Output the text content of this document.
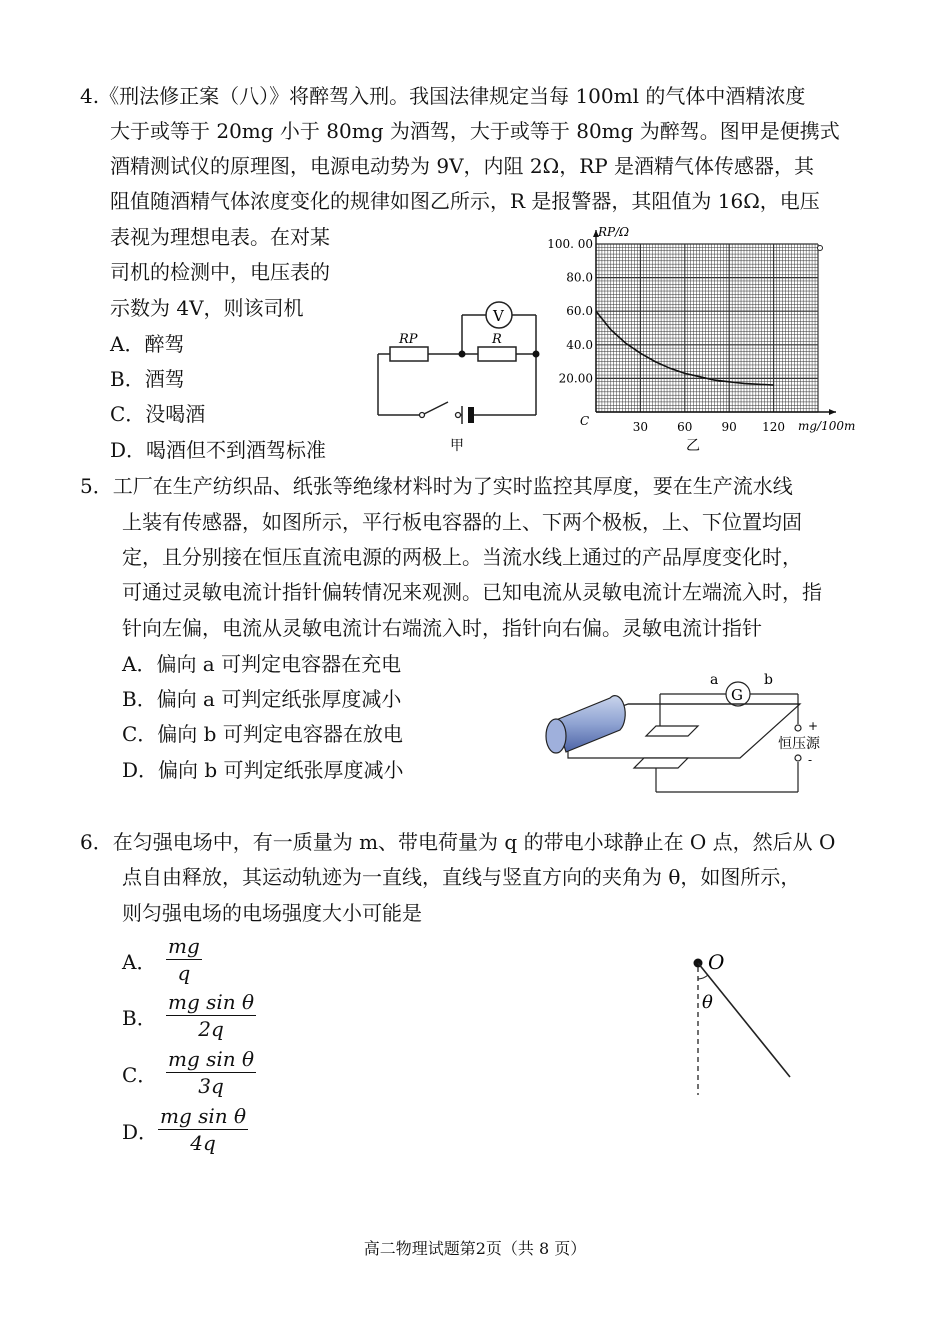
4.《刑法修正案（八）》将醉驾入刑。我国法律规定当每 100ml 的气体中酒精浓度
大于或等于 20mg 小于 80mg 为酒驾，大于或等于 80mg 为醉驾。图甲是便携式
酒精测试仪的原理图，电源电动势为 9V，内阻 2Ω，RP 是酒精气体传感器，其
阻值随酒精气体浓度变化的规律如图乙所示，R 是报警器，其阻值为 16Ω，电压
表视为理想电表。在对某
司机的检测中，电压表的
示数为 4V，则该司机
A．醉驾
B．酒驾
C．没喝酒
D．喝酒但不到酒驾标准
RP	R
V
甲
100. 00
80.0
60.0
40.0
20.00
30 60 90 120
RP/Ω
mg/100m
C
乙
5．工厂在生产纺织品、纸张等绝缘材料时为了实时监控其厚度，要在生产流水线
上装有传感器，如图所示，平行板电容器的上、下两个极板，上、下位置均固
定，且分别接在恒压直流电源的两极上。当流水线上通过的产品厚度变化时，
可通过灵敏电流计指针偏转情况来观测。已知电流从灵敏电流计左端流入时，指
针向左偏，电流从灵敏电流计右端流入时，指针向右偏。灵敏电流计指针
A．偏向 a 可判定电容器在充电
B．偏向 a 可判定纸张厚度减小
C．偏向 b 可判定电容器在放电
D．偏向 b 可判定纸张厚度减小
G
a	b
+
-
恒压源
6．在匀强电场中，有一质量为 m、带电荷量为 q 的带电小球静止在 O 点，然后从 O
点自由释放，其运动轨迹为一直线，直线与竖直方向的夹角为 θ，如图所示，
则匀强电场的电场强度大小可能是
A． $\frac{mg}{q}$
B． $\frac{\text{mg sin θ}}{2q}$
C． $\frac{\text{mg sin θ}}{3q}$
D． $\frac{\text{mg sin θ}}{4q}$
O
θ
高二物理试题第2页（共 8 页）
